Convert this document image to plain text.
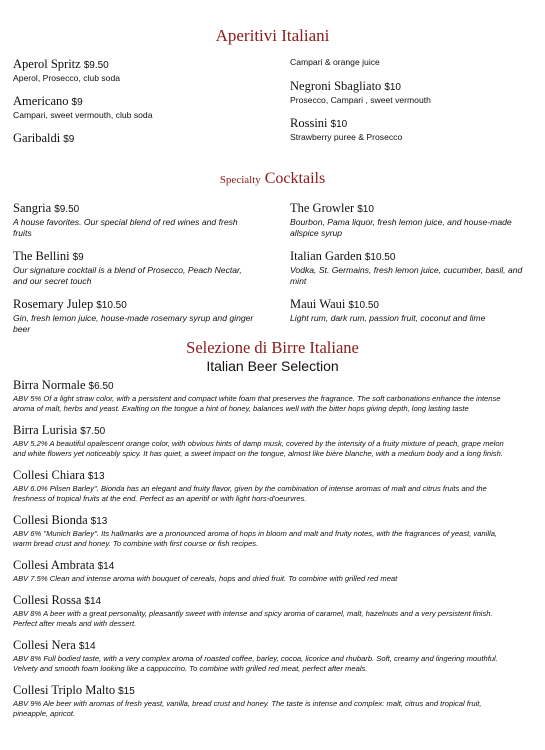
Aperitivi Italiani
Aperol Spritz $9.50
Aperol, Prosecco, club soda
Americano $9
Campari, sweet vermouth, club soda
Garibaldi $9
Campari & orange juice
Negroni Sbagliato $10
Prosecco, Campari , sweet vermouth
Rossini $10
Strawberry puree & Prosecco
Specialty Cocktails
Sangria $9.50
A house favorites. Our special blend of red wines and fresh fruits
The Bellini $9
Our signature cocktail is a blend of Prosecco, Peach Nectar, and our secret touch
Rosemary Julep $10.50
Gin, fresh lemon juice, house-made rosemary syrup and ginger beer
The Growler $10
Bourbon, Pama liquor, fresh lemon juice, and house-made allspice syrup
Italian Garden $10.50
Vodka, St. Germains, fresh lemon juice, cucumber, basil, and mint
Maui Waui $10.50
Light rum, dark rum, passion fruit, coconut and lime
Selezione di Birre Italiane
Italian Beer Selection
Birra Normale $6.50
ABV 5% Of a light straw color, with a persistent and compact white foam that preserves the fragrance. The soft carbonations enhance the intense aroma of malt, herbs and yeast. Exalting on the tongue a hint of honey, balances well with the bitter hops giving depth, long lasting taste
Birra Lurisia $7.50
ABV 5.2% A beautiful opalescent orange color, with obvious hints of damp musk, covered by the intensity of a fruity mixture of peach, grape melon and white flowers yet noticeably spicy. It has quiet, a sweet impact on the tongue, almost like bière blanche, with a medium body and a long finish.
Collesi Chiara $13
ABV 6.0% Pilsen Barley". Bionda has an elegant and fruity flavor, given by the combination of intense aromas of malt and citrus fruits and the freshness of tropical fruits at the end. Perfect as an aperitif or with light hors-d'oeurvres.
Collesi Bionda $13
ABV 6% "Munich Barley". Its hallmarks are a pronounced aroma of hops in bloom and malt and fruity notes, with the fragrances of yeast, vanilla, warm bread crust and honey. To combine with first course or fish recipes.
Collesi Ambrata $14
ABV 7.5% Clean and intense aroma with bouquet of cereals, hops and dried fruit. To combine with grilled red meat
Collesi Rossa $14
ABV 8% A beer with a great personality, pleasantly sweet with intense and spicy aroma of caramel, malt, hazelnuts and a very persistent finish. Perfect after meals and with dessert.
Collesi Nera $14
ABV 8% Full bodied taste, with a very complex aroma of roasted coffee, barley, cocoa, licorice and rhubarb. Soft, creamy and lingering mouthful. Velvety and smooth foam looking like a cappuccino. To combine with grilled red meat, perfect after meals.
Collesi Triplo Malto $15
ABV 9% Ale beer with aromas of fresh yeast, vanilla, bread crust and honey. The taste is intense and complex: malt, citrus and tropical fruit, pineapple, apricot.
